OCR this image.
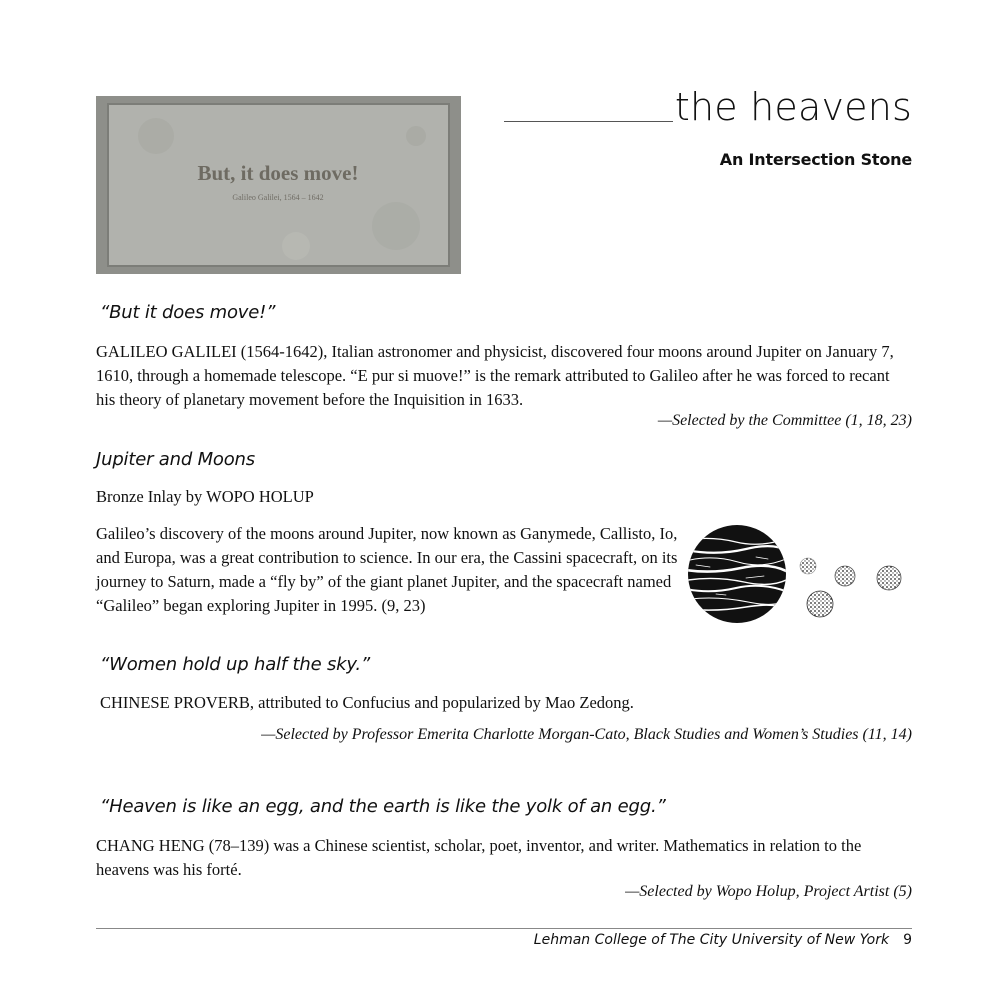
But, it does move!
Galileo Galilei, 1564 – 1642
the heavens
An Intersection Stone
“But it does move!”
GALILEO GALILEI (1564-1642), Italian astronomer and physicist, discovered four moons around Jupiter on January 7, 1610, through a homemade telescope. “E pur si muove!” is the remark attributed to Galileo after he was forced to recant his theory of planetary movement before the Inquisition in 1633.
—Selected by the Committee (1, 18, 23)
Jupiter and Moons
Bronze Inlay by WOPO HOLUP
Galileo’s discovery of the moons around Jupiter, now known as Ganymede, Callisto, Io, and Europa, was a great contribution to science. In our era, the Cassini spacecraft, on its journey to Saturn, made a “fly by” of the giant planet Jupiter, and the spacecraft named “Galileo” began exploring Jupiter in 1995. (9, 23)
“Women hold up half the sky.”
CHINESE PROVERB, attributed to Confucius and popularized by Mao Zedong.
—Selected by Professor Emerita Charlotte Morgan-Cato, Black Studies and Women’s Studies (11, 14)
“Heaven is like an egg, and the earth is like the yolk of an egg.”
CHANG HENG (78–139) was a Chinese scientist, scholar, poet, inventor, and writer. Mathematics in relation to the heavens was his forté.
—Selected by Wopo Holup, Project Artist (5)
Lehman College of The City University of New York 9
